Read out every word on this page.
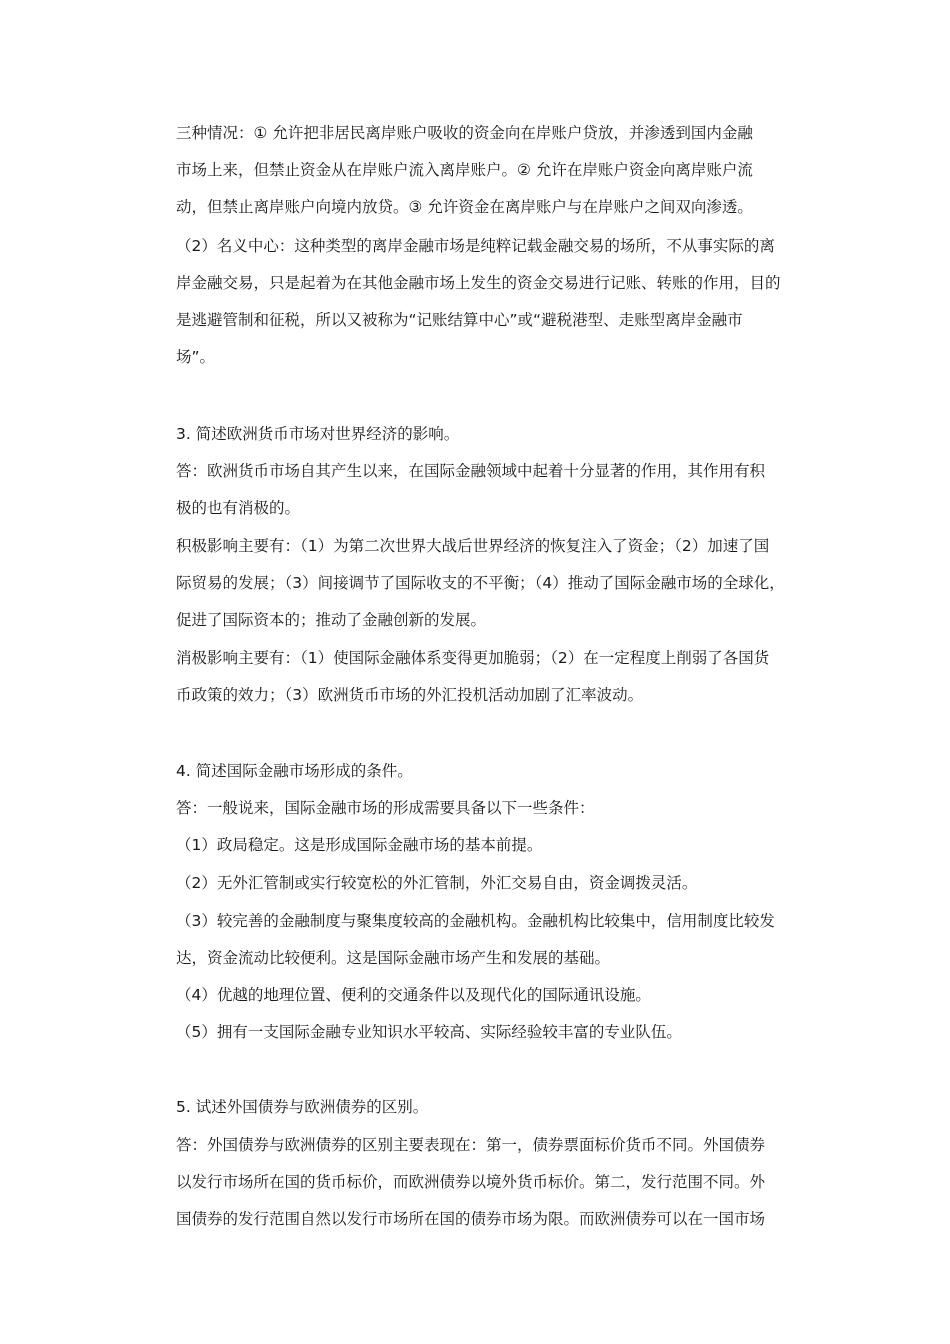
三种情况：① 允许把非居民离岸账户吸收的资金向在岸账户贷放，并渗透到国内金融
市场上来，但禁止资金从在岸账户流入离岸账户。② 允许在岸账户资金向离岸账户流
动，但禁止离岸账户向境内放贷。③ 允许资金在离岸账户与在岸账户之间双向渗透。
（2）名义中心：这种类型的离岸金融市场是纯粹记载金融交易的场所，不从事实际的离
岸金融交易，只是起着为在其他金融市场上发生的资金交易进行记账、转账的作用，目的
是逃避管制和征税，所以又被称为“记账结算中心”或“避税港型、走账型离岸金融市
场”。
3. 简述欧洲货币市场对世界经济的影响。
答：欧洲货币市场自其产生以来，在国际金融领域中起着十分显著的作用，其作用有积
极的也有消极的。
积极影响主要有：（1）为第二次世界大战后世界经济的恢复注入了资金；（2）加速了国
际贸易的发展；（3）间接调节了国际收支的不平衡；（4）推动了国际金融市场的全球化，
促进了国际资本的；推动了金融创新的发展。
消极影响主要有：（1）使国际金融体系变得更加脆弱；（2）在一定程度上削弱了各国货
币政策的效力；（3）欧洲货币市场的外汇投机活动加剧了汇率波动。
4. 简述国际金融市场形成的条件。
答：一般说来，国际金融市场的形成需要具备以下一些条件：
（1）政局稳定。这是形成国际金融市场的基本前提。
（2）无外汇管制或实行较宽松的外汇管制，外汇交易自由，资金调拨灵活。
（3）较完善的金融制度与聚集度较高的金融机构。金融机构比较集中，信用制度比较发
达，资金流动比较便利。这是国际金融市场产生和发展的基础。
（4）优越的地理位置、便利的交通条件以及现代化的国际通讯设施。
（5）拥有一支国际金融专业知识水平较高、实际经验较丰富的专业队伍。
5. 试述外国债券与欧洲债券的区别。
答：外国债券与欧洲债券的区别主要表现在：第一，债券票面标价货币不同。外国债券
以发行市场所在国的货币标价，而欧洲债券以境外货币标价。第二，发行范围不同。外
国债券的发行范围自然以发行市场所在国的债券市场为限。而欧洲债券可以在一国市场
